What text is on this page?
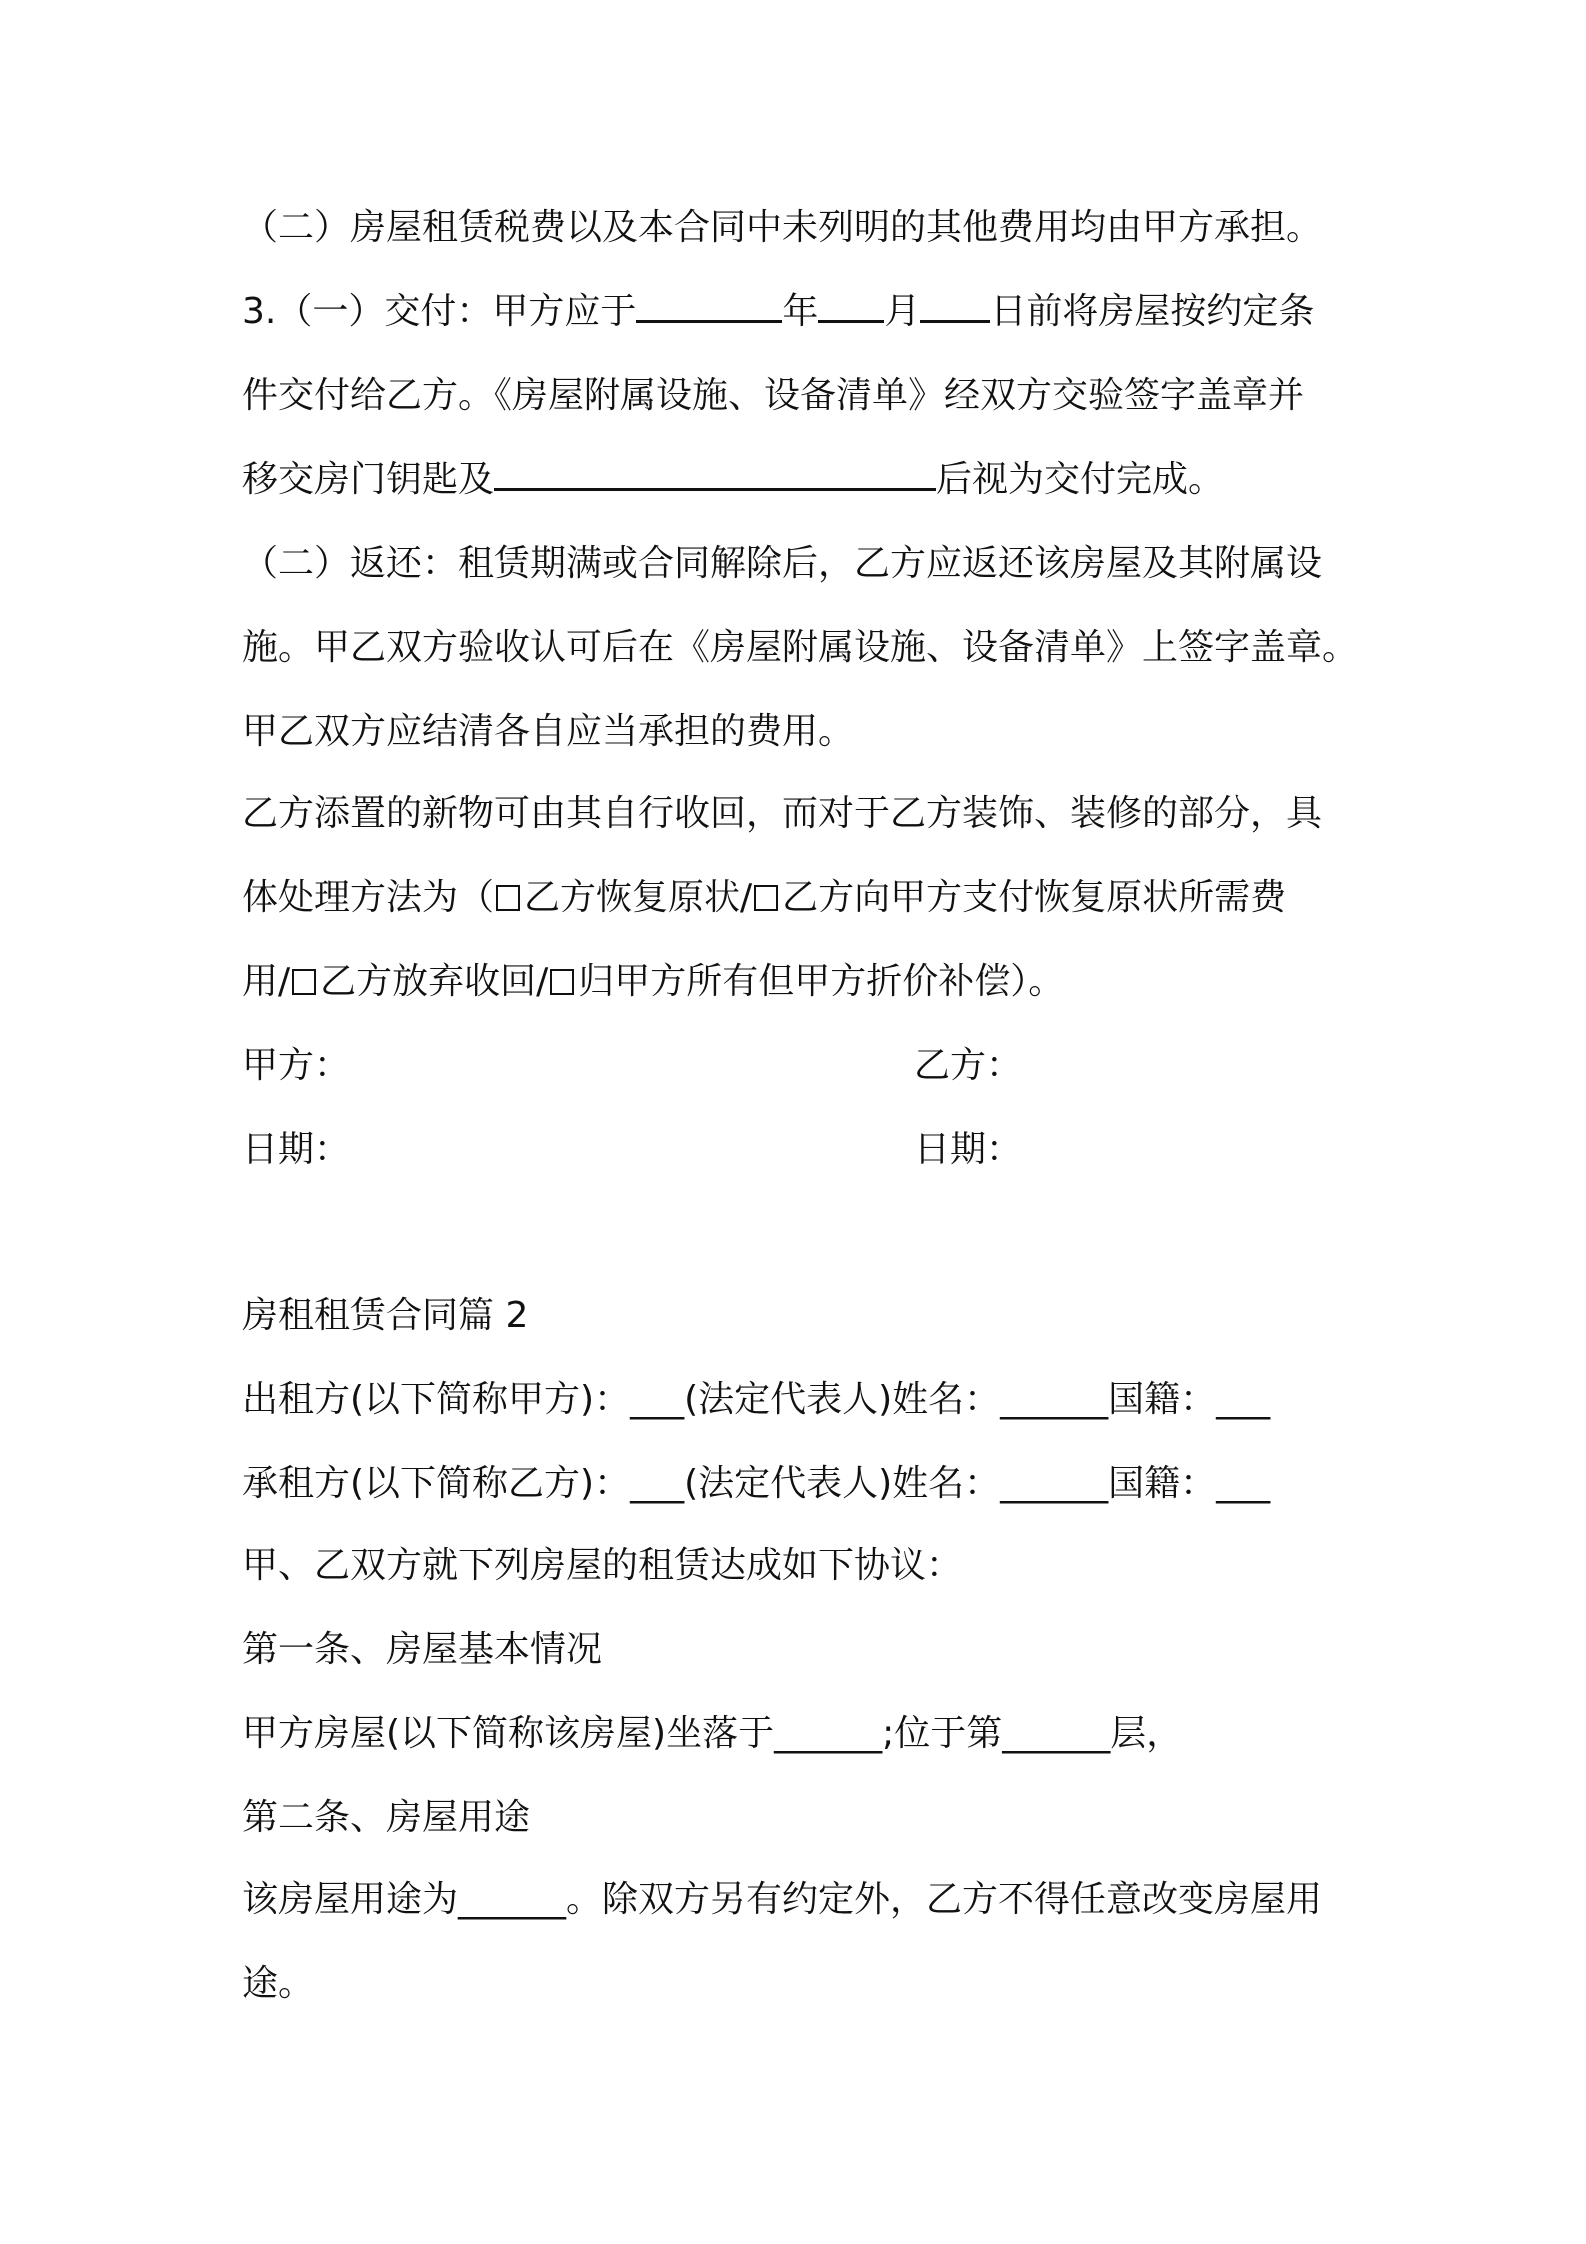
（二）房屋租赁税费以及本合同中未列明的其他费用均由甲方承担。

3.（一）交付：甲方应于	年 月 日前将房屋按约定条

件交付给乙方。《房屋附属设施、设备清单》经双方交验签字盖章并

移交房门钥匙及	后视为交付完成。

（二）返还：租赁期满或合同解除后，乙方应返还该房屋及其附属设

施。甲乙双方验收认可后在《房屋附属设施、设备清单》上签字盖章。

甲乙双方应结清各自应当承担的费用。

乙方添置的新物可由其自行收回，而对于乙方装饰、装修的部分，具

体处理方法为（ 乙方恢复原状/ 乙方向甲方支付恢复原状所需费

用/ 乙方放弃收回/ 归甲方所有但甲方折价补偿）。

甲方：	乙方：

日期：	日期：

房租租赁合同篇 2

出租方(以下简称甲方)：___(法定代表人)姓名：______国籍：___

承租方(以下简称乙方)：___(法定代表人)姓名：______国籍：___

甲、乙双方就下列房屋的租赁达成如下协议：

第一条、房屋基本情况

甲方房屋(以下简称该房屋)坐落于______;位于第______层，

第二条、房屋用途

该房屋用途为______。除双方另有约定外，乙方不得任意改变房屋用

途。
